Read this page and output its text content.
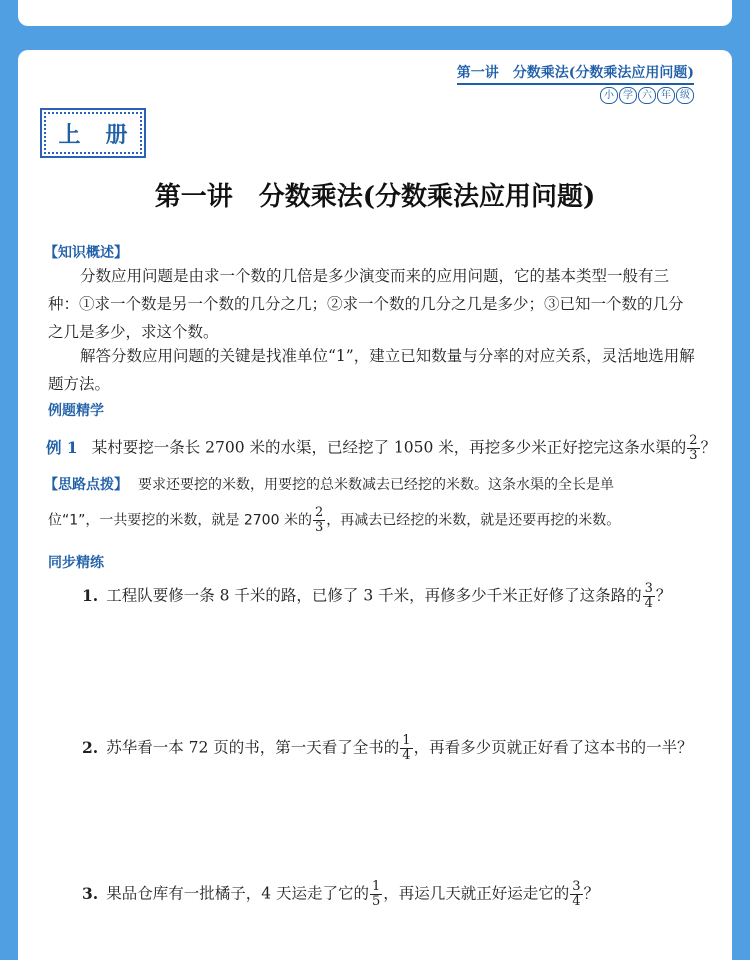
第一讲　分数乘法(分数乘法应用问题)
小 学 六 年 级
上 册
第一讲　分数乘法(分数乘法应用问题)
【知识概述】
分数应用问题是由求一个数的几倍是多少演变而来的应用问题，它的基本类型一般有三种：①求一个数是另一个数的几分之几；②求一个数的几分之几是多少；③已知一个数的几分之几是多少，求这个数。
解答分数应用问题的关键是找准单位“1”，建立已知数量与分率的对应关系，灵活地选用解题方法。
例题精学
例 1 某村要挖一条长 2700 米的水渠，已经挖了 1050 米，再挖多少米正好挖完这条水渠的 $\frac{2}{3}$ ？
【思路点拨】 要求还要挖的米数，用要挖的总米数减去已经挖的米数。这条水渠的全长是单
位“1”，一共要挖的米数，就是 2700 米的 $\frac{2}{3}$ ，再减去已经挖的米数，就是还要再挖的米数。
同步精练
1. 工程队要修一条 8 千米的路，已修了 3 千米，再修多少千米正好修了这条路的 $\frac{3}{4}$ ？
2. 苏华看一本 72 页的书，第一天看了全书的 $\frac{1}{4}$ ，再看多少页就正好看了这本书的一半？
3. 果品仓库有一批橘子，4 天运走了它的 $\frac{1}{5}$ ，再运几天就正好运走它的 $\frac{3}{4}$ ？
